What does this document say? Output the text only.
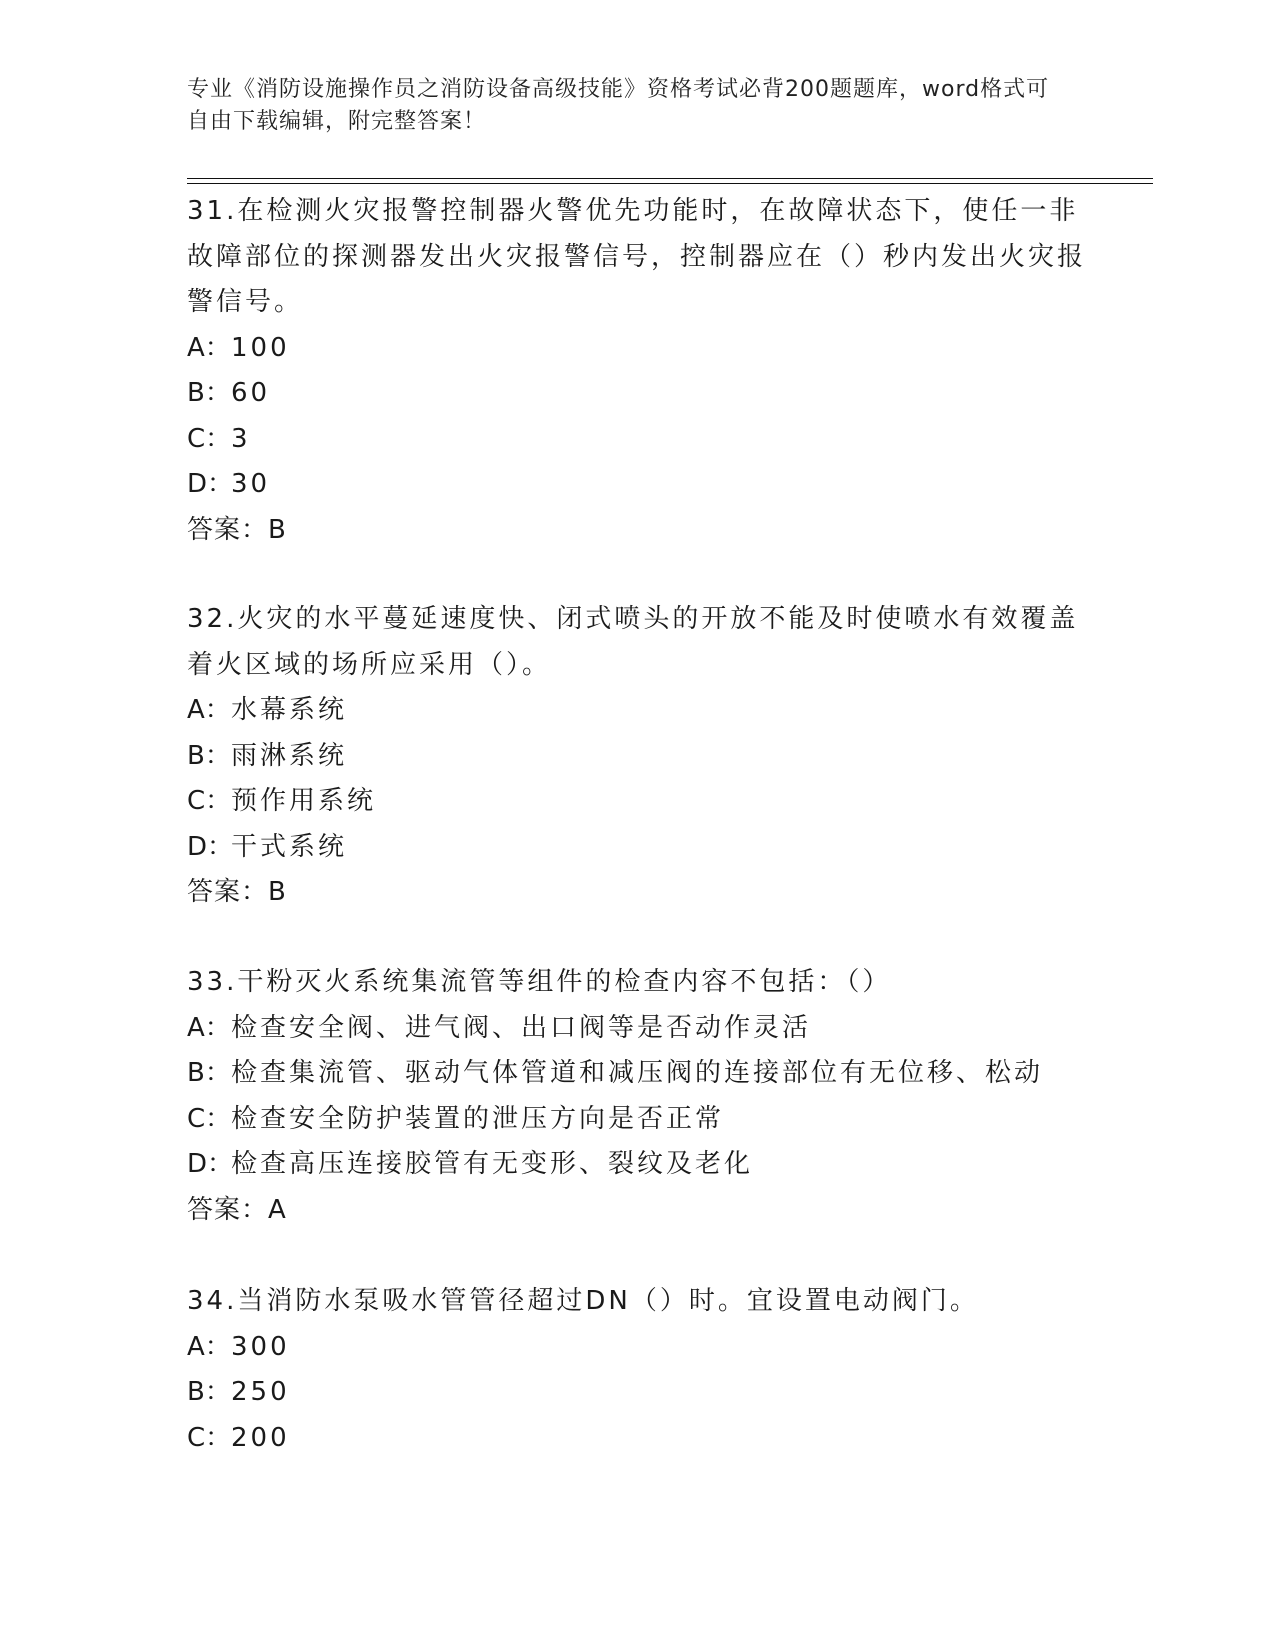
专业《消防设施操作员之消防设备高级技能》资格考试必背200题题库，word格式可自由下载编辑，附完整答案！

31.在检测火灾报警控制器火警优先功能时，在故障状态下，使任一非故障部位的探测器发出火灾报警信号，控制器应在（）秒内发出火灾报警信号。

A：100

B：60

C：3

D：30

答案：B

32.火灾的水平蔓延速度快、闭式喷头的开放不能及时使喷水有效覆盖着火区域的场所应采用（）。

A：水幕系统

B：雨淋系统

C：预作用系统

D：干式系统

答案：B

33.干粉灭火系统集流管等组件的检查内容不包括：（）

A：检查安全阀、进气阀、出口阀等是否动作灵活

B：检查集流管、驱动气体管道和减压阀的连接部位有无位移、松动

C：检查安全防护装置的泄压方向是否正常

D：检查高压连接胶管有无变形、裂纹及老化

答案：A

34.当消防水泵吸水管管径超过DN（）时。宜设置电动阀门。

A：300

B：250

C：200
